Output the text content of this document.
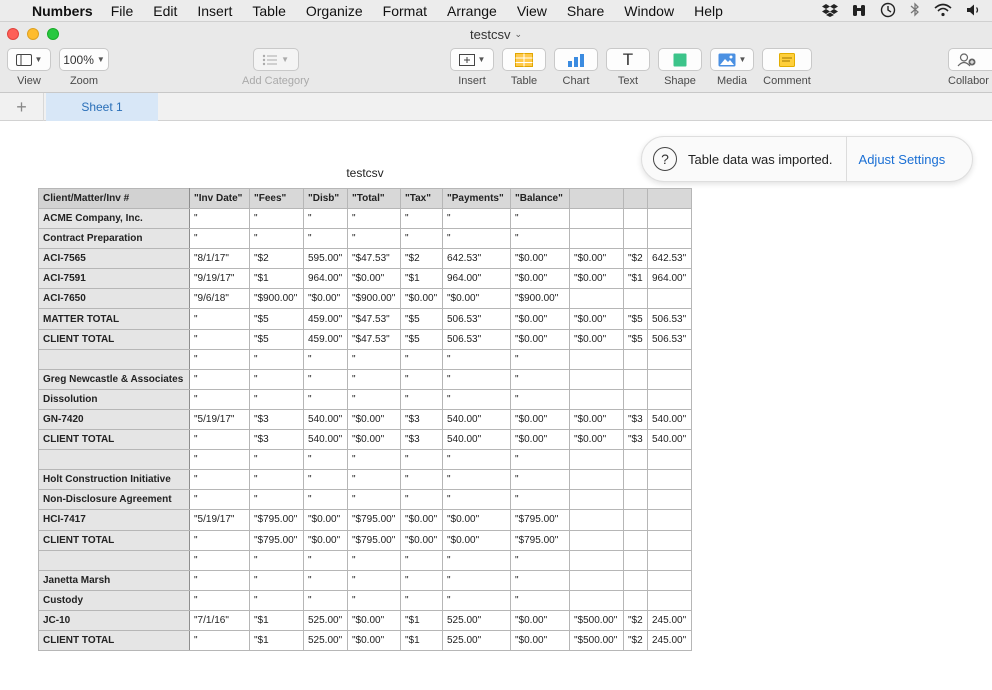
Numbers File Edit Insert Table Organize Format Arrange View Share Window Help
testcsv ⌄
▼
View
100% ▼
Zoom
▼
Add Category
▼
Insert Table Chart
T
Text Shape
▼
Media Comment	Collabor
+	Sheet 1
testcsv
?	Table data was imported. Adjust Settings
Client/Matter/Inv #	"Inv Date"	"Fees"	"Disb"	"Total"	"Tax"	"Payments"	"Balance"			
ACME Company, Inc.	"	"	"	"	"	"	"			
Contract Preparation	"	"	"	"	"	"	"			
ACI-7565	"8/1/17"	"$2	595.00"	"$47.53"	"$2	642.53"	"$0.00"	"$0.00"	"$2	642.53"
ACI-7591	"9/19/17"	"$1	964.00"	"$0.00"	"$1	964.00"	"$0.00"	"$0.00"	"$1	964.00"
ACI-7650	"9/6/18"	"$900.00"	"$0.00"	"$900.00"	"$0.00"	"$0.00"	"$900.00"			
MATTER TOTAL	"	"$5	459.00"	"$47.53"	"$5	506.53"	"$0.00"	"$0.00"	"$5	506.53"
CLIENT TOTAL	"	"$5	459.00"	"$47.53"	"$5	506.53"	"$0.00"	"$0.00"	"$5	506.53"
	"	"	"	"	"	"	"			
Greg Newcastle & Associates	"	"	"	"	"	"	"			
Dissolution	"	"	"	"	"	"	"			
GN-7420	"5/19/17"	"$3	540.00"	"$0.00"	"$3	540.00"	"$0.00"	"$0.00"	"$3	540.00"
CLIENT TOTAL	"	"$3	540.00"	"$0.00"	"$3	540.00"	"$0.00"	"$0.00"	"$3	540.00"
	"	"	"	"	"	"	"			
Holt Construction Initiative	"	"	"	"	"	"	"			
Non-Disclosure Agreement	"	"	"	"	"	"	"			
HCI-7417	"5/19/17"	"$795.00"	"$0.00"	"$795.00"	"$0.00"	"$0.00"	"$795.00"			
CLIENT TOTAL	"	"$795.00"	"$0.00"	"$795.00"	"$0.00"	"$0.00"	"$795.00"			
	"	"	"	"	"	"	"			
Janetta Marsh	"	"	"	"	"	"	"			
Custody	"	"	"	"	"	"	"			
JC-10	"7/1/16"	"$1	525.00"	"$0.00"	"$1	525.00"	"$0.00"	"$500.00"	"$2	245.00"
CLIENT TOTAL	"	"$1	525.00"	"$0.00"	"$1	525.00"	"$0.00"	"$500.00"	"$2	245.00"
